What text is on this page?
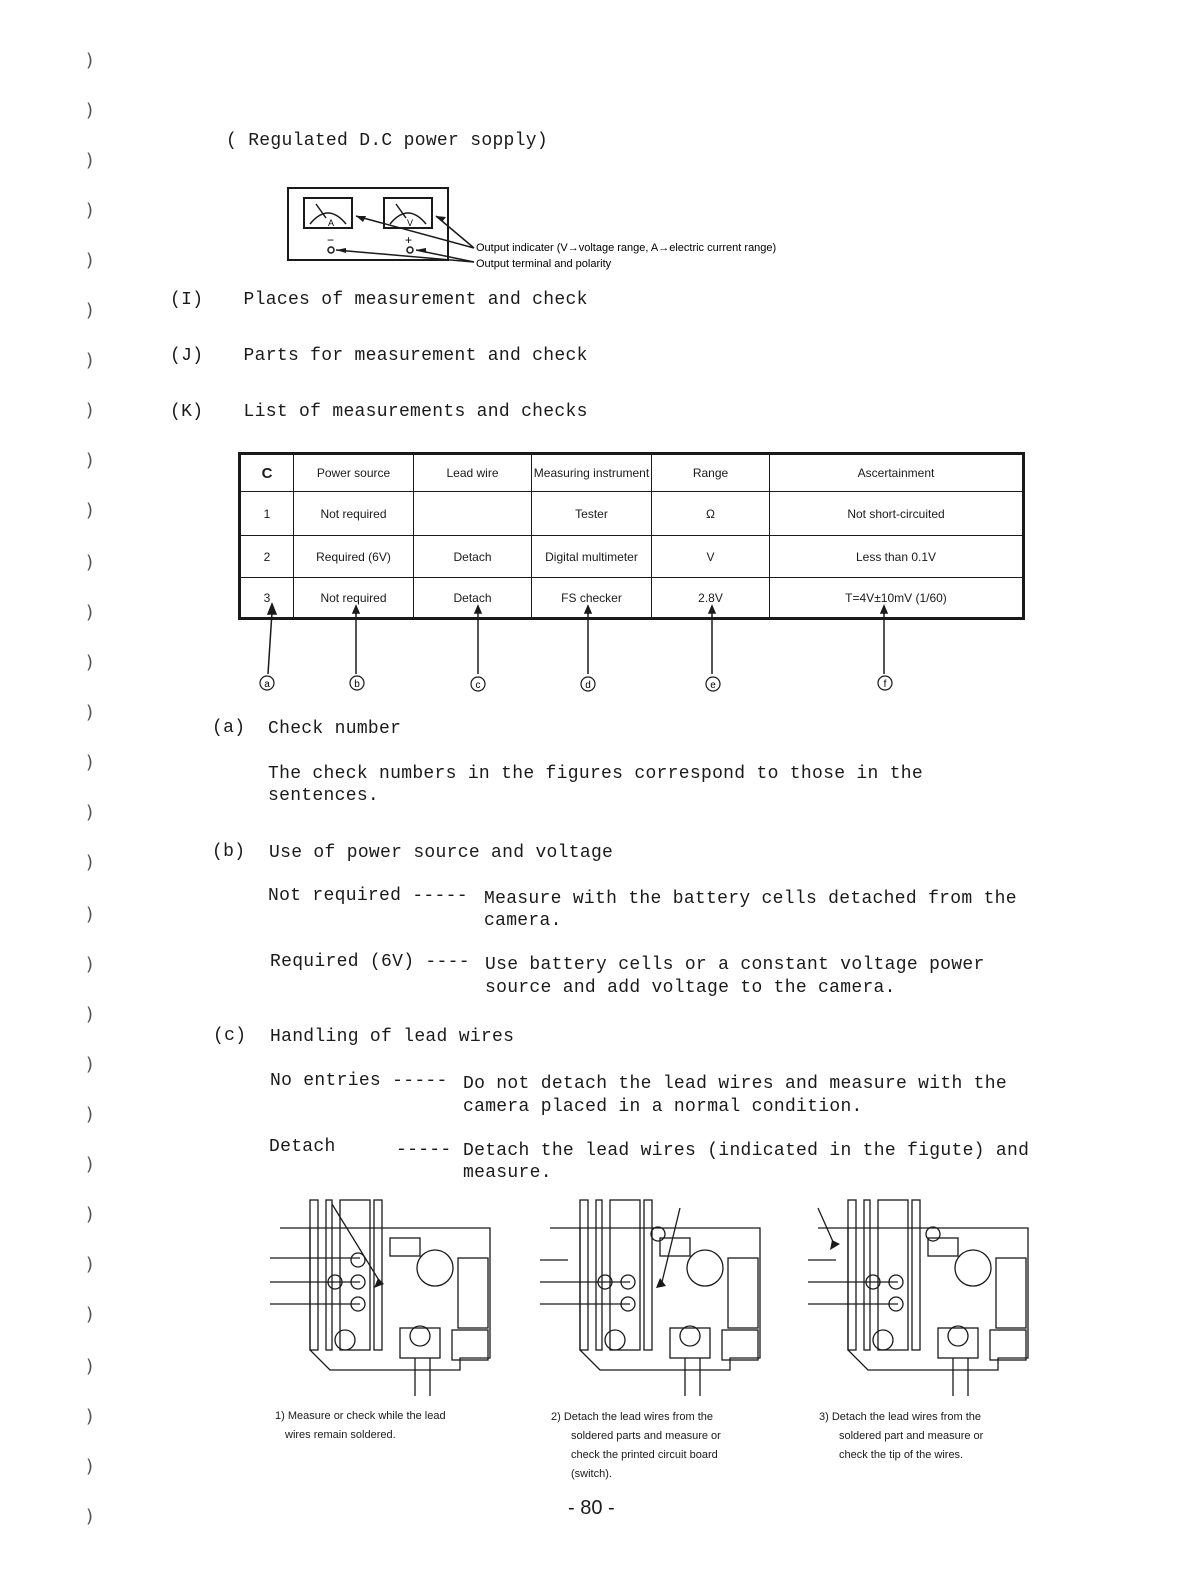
)
)
)
)
)
)
)
)
)
)
)
)
)
)
)
)
)
)
)
)
)
)
)
)
)
)
)
)
)
)
( Regulated D.C power sopply)
A	V
−	+
Output indicater (V→voltage range, A→electric current range)
Output terminal and polarity
(I) Places of measurement and check
(J) Parts for measurement and check
(K) List of measurements and checks
C	Power source	Lead wire	Measuring instrument	Range	Ascertainment
1	Not required		Tester	Ω	Not short-circuited
2	Required (6V)	Detach	Digital multimeter	V	Less than 0.1V
3	Not required	Detach	FS checker	2.8V	T=4V±10mV (1/60)
a	b	c	d	e	f
(a) Check number
The check numbers in the figures correspond to those in the
sentences.
(b) Use of power source and voltage
Not required ----- Measure with the battery cells detached from the
camera.
Required (6V) ---- Use battery cells or a constant voltage power
source and add voltage to the camera.
(c) Handling of lead wires
No entries ----- Do not detach the lead wires and measure with the
camera placed in a normal condition.
Detach	----- Detach the lead wires (indicated in the figute) and
measure.
1) Measure or check while the lead
wires remain soldered.
2) Detach the lead wires from the
soldered parts and measure or
check the printed circuit board
(switch).
3) Detach the lead wires from the
soldered part and measure or
check the tip of the wires.
- 80 -
